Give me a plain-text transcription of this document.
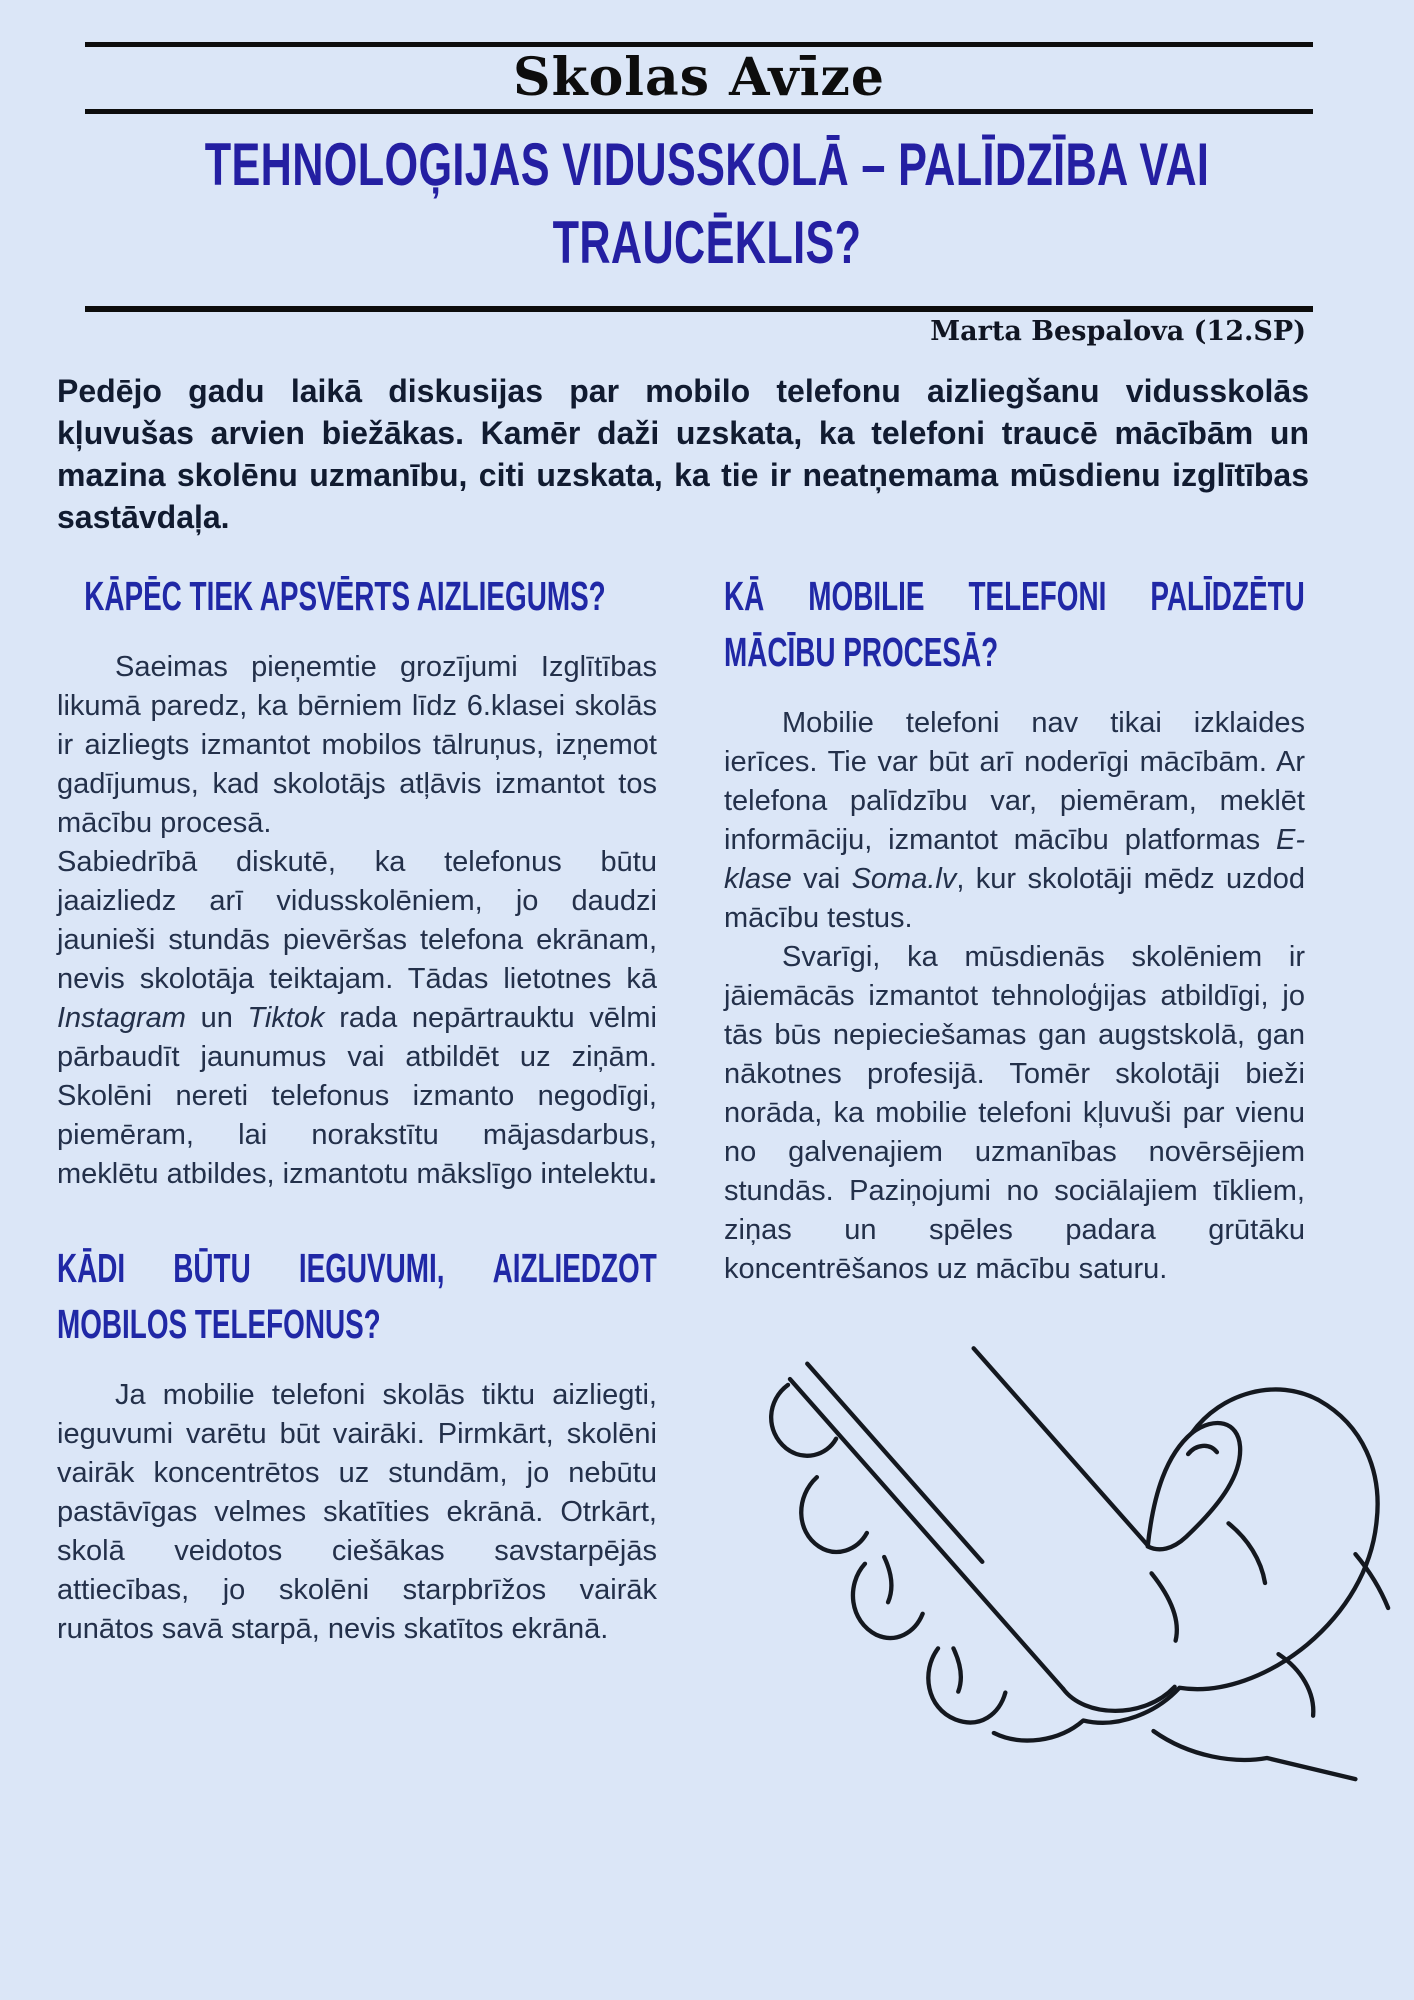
Skolas Avīze
TEHNOLOĢIJAS VIDUSSKOLĀ – PALĪDZĪBA VAI
TRAUCĒKLIS?
Marta Bespalova (12.SP)

Pedējo gadu laikā diskusijas par mobilo telefonu aizliegšanu vidusskolās kļuvušas arvien biežākas. Kamēr daži uzskata, ka telefoni traucē mācībām un mazina skolēnu uzmanību, citi uzskata, ka tie ir neatņemama mūsdienu izglītības sastāvdaļa.

KĀPĒC TIEK APSVĒRTS AIZLIEGUMS?

Saeimas pieņemtie grozījumi Izglītības likumā paredz, ka bērniem līdz 6.klasei skolās ir aizliegts izmantot mobilos tālruņus, izņemot gadījumus, kad skolotājs atļāvis izmantot tos mācību procesā.

Sabiedrībā diskutē, ka telefonus būtu jaaizliedz arī vidusskolēniem, jo daudzi jaunieši stundās pievēršas telefona ekrānam, nevis skolotāja teiktajam. Tādas lietotnes kā Instagram un Tiktok rada nepārtrauktu vēlmi pārbaudīt jaunumus vai atbildēt uz ziņām. Skolēni nereti telefonus izmanto negodīgi, piemēram, lai norakstītu mājasdarbus, meklētu atbildes, izmantotu mākslīgo intelektu.

KĀDI BŪTU IEGUVUMI, AIZLIEDZOT
MOBILOS TELEFONUS?

Ja mobilie telefoni skolās tiktu aizliegti, ieguvumi varētu būt vairāki. Pirmkārt, skolēni vairāk koncentrētos uz stundām, jo nebūtu pastāvīgas velmes skatīties ekrānā. Otrkārt, skolā veidotos ciešākas savstarpējās attiecības, jo skolēni starpbrīžos vairāk runātos savā starpā, nevis skatītos ekrānā.

KĀ MOBILIE TELEFONI PALĪDZĒTU
MĀCĪBU PROCESĀ?

Mobilie telefoni nav tikai izklaides ierīces. Tie var būt arī noderīgi mācībām. Ar telefona palīdzību var, piemēram, meklēt informāciju, izmantot mācību platformas E-klase vai Soma.lv, kur skolotāji mēdz uzdod mācību testus.

Svarīgi, ka mūsdienās skolēniem ir jāiemācās izmantot tehnoloģijas atbildīgi, jo tās būs nepieciešamas gan augstskolā, gan nākotnes profesijā. Tomēr skolotāji bieži norāda, ka mobilie telefoni kļuvuši par vienu no galvenajiem uzmanības novērsējiem stundās. Paziņojumi no sociālajiem tīkliem, ziņas un spēles padara grūtāku koncentrēšanos uz mācību saturu.
